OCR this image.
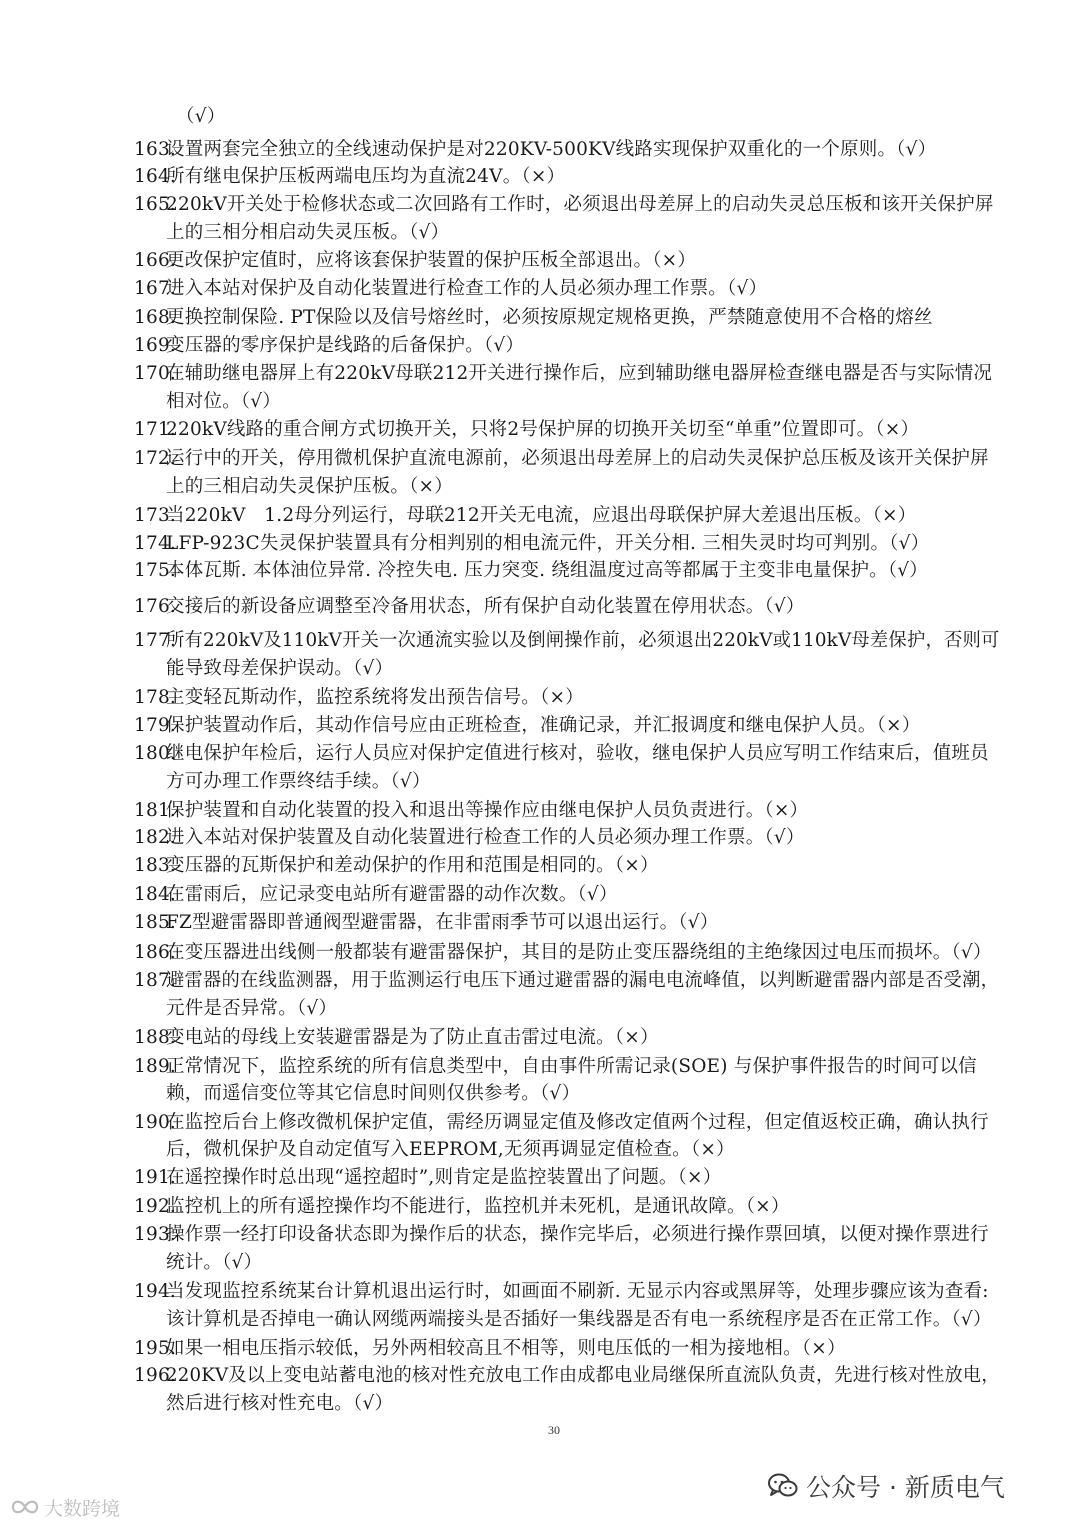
（√）
163.
设置两套完全独立的全线速动保护是对220KV-500KV线路实现保护双重化的一个原则。（√）
164.
所有继电保护压板两端电压均为直流24V。（×）
165.
220kV开关处于检修状态或二次回路有工作时，必须退出母差屏上的启动失灵总压板和该开关保护屏
上的三相分相启动失灵压板。（√）
166.
更改保护定值时，应将该套保护装置的保护压板全部退出。（×）
167.
进入本站对保护及自动化装置进行检查工作的人员必须办理工作票。（√）
168.
更换控制保险. PT保险以及信号熔丝时，必须按原规定规格更换，严禁随意使用不合格的熔丝
169.
变压器的零序保护是线路的后备保护。（√）
170.
在辅助继电器屏上有220kV母联212开关进行操作后，应到辅助继电器屏检查继电器是否与实际情况
相对位。（√）
171.
220kV线路的重合闸方式切换开关，只将2号保护屏的切换开关切至“单重”位置即可。（×）
172.
运行中的开关，停用微机保护直流电源前，必须退出母差屏上的启动失灵保护总压板及该开关保护屏
上的三相启动失灵保护压板。（×）
173.
当220kV　1.2母分列运行，母联212开关无电流，应退出母联保护屏大差退出压板。（×）
174.
LFP-923C失灵保护装置具有分相判别的相电流元件，开关分相. 三相失灵时均可判别。（√）
175.
本体瓦斯. 本体油位异常. 冷控失电. 压力突变. 绕组温度过高等都属于主变非电量保护。（√）
176.
交接后的新设备应调整至冷备用状态，所有保护自动化装置在停用状态。（√）
177.
所有220kV及110kV开关一次通流实验以及倒闸操作前，必须退出220kV或110kV母差保护，否则可
能导致母差保护误动。（√）
178.
主变轻瓦斯动作，监控系统将发出预告信号。（×）
179.
保护装置动作后，其动作信号应由正班检查，准确记录，并汇报调度和继电保护人员。（×）
180.
继电保护年检后，运行人员应对保护定值进行核对，验收，继电保护人员应写明工作结束后，值班员
方可办理工作票终结手续。（√）
181.
保护装置和自动化装置的投入和退出等操作应由继电保护人员负责进行。（×）
182.
进入本站对保护装置及自动化装置进行检查工作的人员必须办理工作票。（√）
183.
变压器的瓦斯保护和差动保护的作用和范围是相同的。（×）
184.
在雷雨后，应记录变电站所有避雷器的动作次数。（√）
185.
FZ型避雷器即普通阀型避雷器，在非雷雨季节可以退出运行。（√）
186.
在变压器进出线侧一般都装有避雷器保护，其目的是防止变压器绕组的主绝缘因过电压而损坏。（√）
187.
避雷器的在线监测器，用于监测运行电压下通过避雷器的漏电电流峰值，以判断避雷器内部是否受潮，
元件是否异常。（√）
188.
变电站的母线上安装避雷器是为了防止直击雷过电流。（×）
189.
正常情况下，监控系统的所有信息类型中，自由事件所需记录(SOE) 与保护事件报告的时间可以信
赖，而遥信变位等其它信息时间则仅供参考。（√）
190.
在监控后台上修改微机保护定值，需经历调显定值及修改定值两个过程，但定值返校正确，确认执行
后，微机保护及自动定值写入EEPROM,无须再调显定值检查。（×）
191.
在遥控操作时总出现“遥控超时”,则肯定是监控装置出了问题。（×）
192.
监控机上的所有遥控操作均不能进行，监控机并未死机，是通讯故障。（×）
193.
操作票一经打印设备状态即为操作后的状态，操作完毕后，必须进行操作票回填，以便对操作票进行
统计。（√）
194.
当发现监控系统某台计算机退出运行时，如画面不刷新. 无显示内容或黑屏等，处理步骤应该为查看:
该计算机是否掉电一确认网缆两端接头是否插好一集线器是否有电一系统程序是否在正常工作。（√）
195.
如果一相电压指示较低，另外两相较高且不相等，则电压低的一相为接地相。（×）
196.
220KV及以上变电站蓄电池的核对性充放电工作由成都电业局继保所直流队负责，先进行核对性放电，
然后进行核对性充电。（√）
30
公众号 · 新质电气
大数跨境
